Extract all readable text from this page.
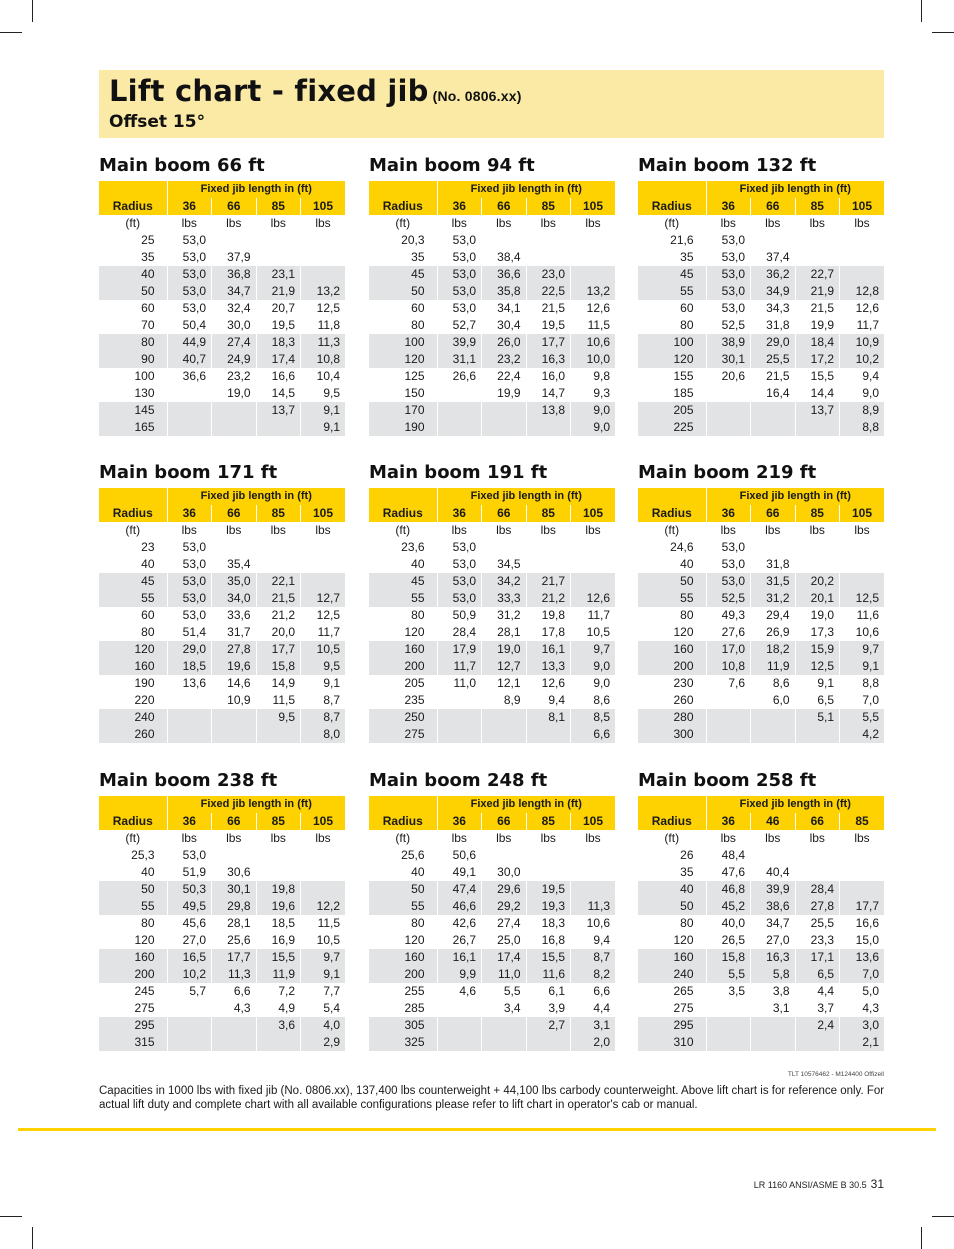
Lift chart - fixed jib (No. 0806.xx)
Offset 15°
Main boom 66 ft
	Fixed jib length in (ft)			
Radius	36	66	85	105
(ft)	lbs	lbs	lbs	lbs
25	53,0			
35	53,0	37,9		
40	53,0	36,8	23,1	
50	53,0	34,7	21,9	13,2
60	53,0	32,4	20,7	12,5
70	50,4	30,0	19,5	11,8
80	44,9	27,4	18,3	11,3
90	40,7	24,9	17,4	10,8
100	36,6	23,2	16,6	10,4
130		19,0	14,5	9,5
145			13,7	9,1
165				9,1
Main boom 94 ft
	Fixed jib length in (ft)			
Radius	36	66	85	105
(ft)	lbs	lbs	lbs	lbs
20,3	53,0			
35	53,0	38,4		
45	53,0	36,6	23,0	
50	53,0	35,8	22,5	13,2
60	53,0	34,1	21,5	12,6
80	52,7	30,4	19,5	11,5
100	39,9	26,0	17,7	10,6
120	31,1	23,2	16,3	10,0
125	26,6	22,4	16,0	9,8
150		19,9	14,7	9,3
170			13,8	9,0
190				9,0
Main boom 132 ft
	Fixed jib length in (ft)			
Radius	36	66	85	105
(ft)	lbs	lbs	lbs	lbs
21,6	53,0			
35	53,0	37,4		
45	53,0	36,2	22,7	
55	53,0	34,9	21,9	12,8
60	53,0	34,3	21,5	12,6
80	52,5	31,8	19,9	11,7
100	38,9	29,0	18,4	10,9
120	30,1	25,5	17,2	10,2
155	20,6	21,5	15,5	9,4
185		16,4	14,4	9,0
205			13,7	8,9
225				8,8
Main boom 171 ft
	Fixed jib length in (ft)			
Radius	36	66	85	105
(ft)	lbs	lbs	lbs	lbs
23	53,0			
40	53,0	35,4		
45	53,0	35,0	22,1	
55	53,0	34,0	21,5	12,7
60	53,0	33,6	21,2	12,5
80	51,4	31,7	20,0	11,7
120	29,0	27,8	17,7	10,5
160	18,5	19,6	15,8	9,5
190	13,6	14,6	14,9	9,1
220		10,9	11,5	8,7
240			9,5	8,7
260				8,0
Main boom 191 ft
	Fixed jib length in (ft)			
Radius	36	66	85	105
(ft)	lbs	lbs	lbs	lbs
23,6	53,0			
40	53,0	34,5		
45	53,0	34,2	21,7	
55	53,0	33,3	21,2	12,6
80	50,9	31,2	19,8	11,7
120	28,4	28,1	17,8	10,5
160	17,9	19,0	16,1	9,7
200	11,7	12,7	13,3	9,0
205	11,0	12,1	12,6	9,0
235		8,9	9,4	8,6
250			8,1	8,5
275				6,6
Main boom 219 ft
	Fixed jib length in (ft)			
Radius	36	66	85	105
(ft)	lbs	lbs	lbs	lbs
24,6	53,0			
40	53,0	31,8		
50	53,0	31,5	20,2	
55	52,5	31,2	20,1	12,5
80	49,3	29,4	19,0	11,6
120	27,6	26,9	17,3	10,6
160	17,0	18,2	15,9	9,7
200	10,8	11,9	12,5	9,1
230	7,6	8,6	9,1	8,8
260		6,0	6,5	7,0
280			5,1	5,5
300				4,2
Main boom 238 ft
	Fixed jib length in (ft)			
Radius	36	66	85	105
(ft)	lbs	lbs	lbs	lbs
25,3	53,0			
40	51,9	30,6		
50	50,3	30,1	19,8	
55	49,5	29,8	19,6	12,2
80	45,6	28,1	18,5	11,5
120	27,0	25,6	16,9	10,5
160	16,5	17,7	15,5	9,7
200	10,2	11,3	11,9	9,1
245	5,7	6,6	7,2	7,7
275		4,3	4,9	5,4
295			3,6	4,0
315				2,9
Main boom 248 ft
	Fixed jib length in (ft)			
Radius	36	66	85	105
(ft)	lbs	lbs	lbs	lbs
25,6	50,6			
40	49,1	30,0		
50	47,4	29,6	19,5	
55	46,6	29,2	19,3	11,3
80	42,6	27,4	18,3	10,6
120	26,7	25,0	16,8	9,4
160	16,1	17,4	15,5	8,7
200	9,9	11,0	11,6	8,2
255	4,6	5,5	6,1	6,6
285		3,4	3,9	4,4
305			2,7	3,1
325				2,0
Main boom 258 ft
	Fixed jib length in (ft)			
Radius	36	46	66	85
(ft)	lbs	lbs	lbs	lbs
26	48,4			
35	47,6	40,4		
40	46,8	39,9	28,4	
50	45,2	38,6	27,8	17,7
80	40,0	34,7	25,5	16,6
120	26,5	27,0	23,3	15,0
160	15,8	16,3	17,1	13,6
240	5,5	5,8	6,5	7,0
265	3,5	3,8	4,4	5,0
275		3,1	3,7	4,3
295			2,4	3,0
310				2,1
TLT 10576462 - M124400 Offizell
Capacities in 1000 lbs with fixed jib (No. 0806.xx), 137,400 lbs counterweight + 44,100 lbs carbody counterweight. Above lift chart is for reference only. For actual lift duty and complete chart with all available configurations please refer to lift chart in operator's cab or manual.
LR 1160 ANSI/ASME B 30.5 31
